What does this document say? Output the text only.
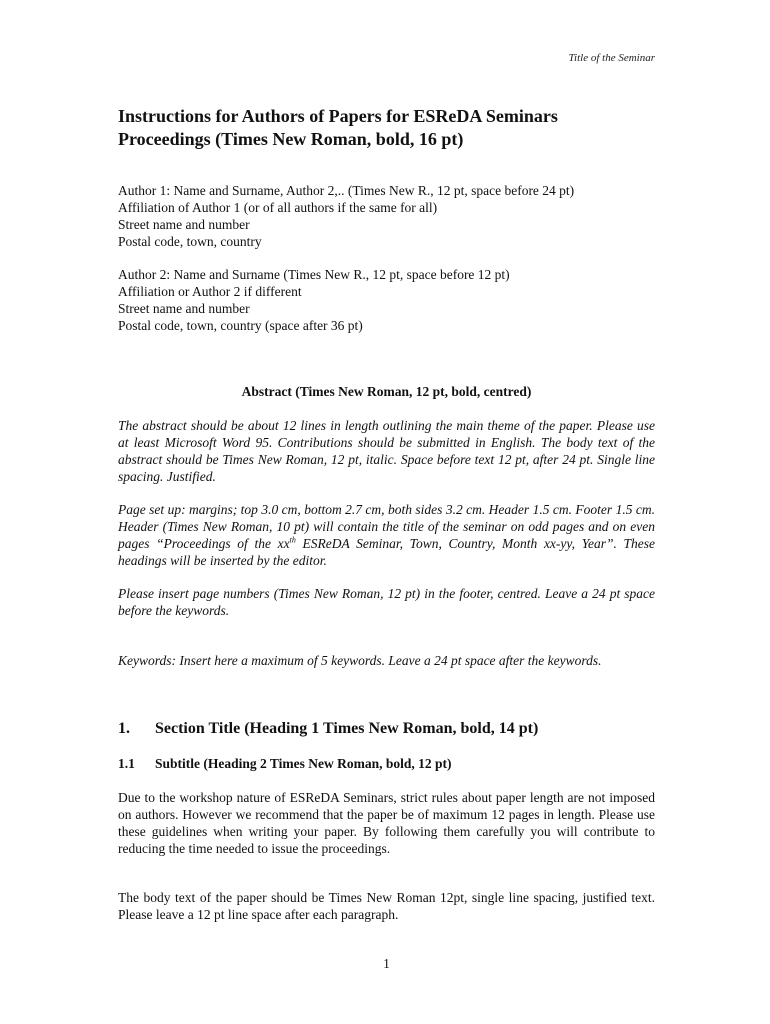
Title of the Seminar
Instructions for Authors of Papers for ESReDA Seminars
Proceedings (Times New Roman, bold, 16 pt)
Author 1: Name and Surname, Author 2,.. (Times New R., 12 pt, space before 24 pt)
Affiliation of Author 1 (or of all authors if the same for all)
Street name and number
Postal code, town, country
Author 2: Name and Surname (Times New R., 12 pt, space before 12 pt)
Affiliation or Author 2 if different
Street name and number
Postal code, town, country (space after 36 pt)
Abstract (Times New Roman, 12 pt, bold, centred)

The abstract should be about 12 lines in length outlining the main theme of the paper. Please use at least Microsoft Word 95. Contributions should be submitted in English. The body text of the abstract should be Times New Roman, 12 pt, italic. Space before text 12 pt, after 24 pt. Single line spacing. Justified.

Page set up: margins; top 3.0 cm, bottom 2.7 cm, both sides 3.2 cm. Header 1.5 cm. Footer 1.5 cm. Header (Times New Roman, 10 pt) will contain the title of the seminar on odd pages and on even pages “Proceedings of the $xx^{th}$ ESReDA Seminar, Town, Country, Month xx-yy, Year”. These headings will be inserted by the editor.

Please insert page numbers (Times New Roman, 12 pt) in the footer, centred. Leave a 24 pt space before the keywords.

Keywords: Insert here a maximum of 5 keywords. Leave a 24 pt space after the keywords.

1. Section Title (Heading 1 Times New Roman, bold, 14 pt)
1.1 Subtitle (Heading 2 Times New Roman, bold, 12 pt)

Due to the workshop nature of ESReDA Seminars, strict rules about paper length are not imposed on authors. However we recommend that the paper be of maximum 12 pages in length. Please use these guidelines when writing your paper. By following them carefully you will contribute to reducing the time needed to issue the proceedings.

The body text of the paper should be Times New Roman 12pt, single line spacing, justified text. Please leave a 12 pt line space after each paragraph.

1
